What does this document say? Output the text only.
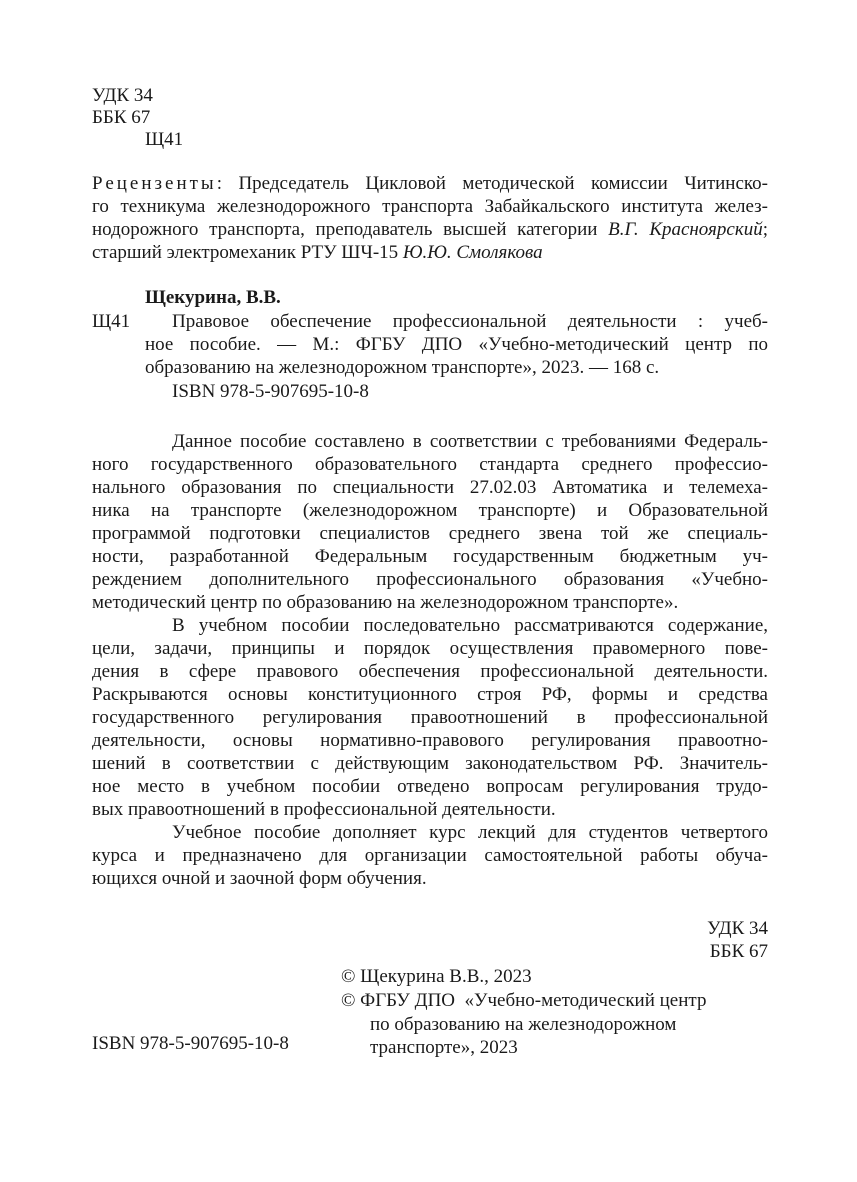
УДК 34
ББК 67
Щ41
Рецензенты: Председатель Цикловой методической комиссии Читинско-
го техникума железнодорожного транспорта Забайкальского института желез-
нодорожного транспорта, преподаватель высшей категории В.Г. Красноярский;
старший электромеханик РТУ ШЧ-15 Ю.Ю. Смолякова
Щекурина, В.В.
Щ41 Правовое обеспечение профессиональной деятельности : учеб-
ное пособие. — М.: ФГБУ ДПО «Учебно-методический центр по
образованию на железнодорожном транспорте», 2023. — 168 с.
ISBN 978-5-907695-10-8
Данное пособие составлено в соответствии с требованиями Федераль-
ного государственного образовательного стандарта среднего профессио-
нального образования по специальности 27.02.03 Автоматика и телемеха-
ника на транспорте (железнодорожном транспорте) и Образовательной
программой подготовки специалистов среднего звена той же специаль-
ности, разработанной Федеральным государственным бюджетным уч-
реждением дополнительного профессионального образования «Учебно-
методический центр по образованию на железнодорожном транспорте».
В учебном пособии последовательно рассматриваются содержание,
цели, задачи, принципы и порядок осуществления правомерного пове-
дения в сфере правового обеспечения профессиональной деятельности.
Раскрываются основы конституционного строя РФ, формы и средства
государственного регулирования правоотношений в профессиональной
деятельности, основы нормативно-правового регулирования правоотно-
шений в соответствии с действующим законодательством РФ. Значитель-
ное место в учебном пособии отведено вопросам регулирования трудо-
вых правоотношений в профессиональной деятельности.
Учебное пособие дополняет курс лекций для студентов четвертого
курса и предназначено для организации самостоятельной работы обуча-
ющихся очной и заочной форм обучения.
УДК 34
ББК 67
© Щекурина В.В., 2023
© ФГБУ ДПО  «Учебно-методический центр
по образованию на железнодорожном
транспорте», 2023
ISBN 978-5-907695-10-8
